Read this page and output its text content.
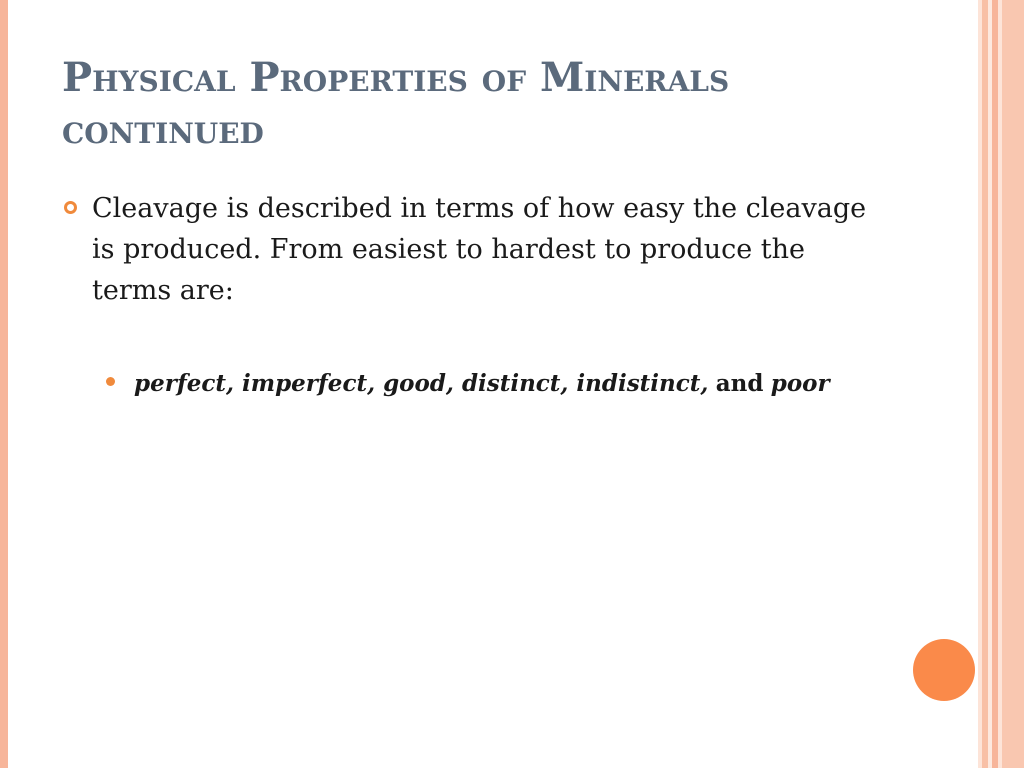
Physical Properties of Minerals continued
Cleavage is described in terms of how easy the cleavage is produced. From easiest to hardest to produce the terms are:
perfect, imperfect, good, distinct, indistinct, and poor
